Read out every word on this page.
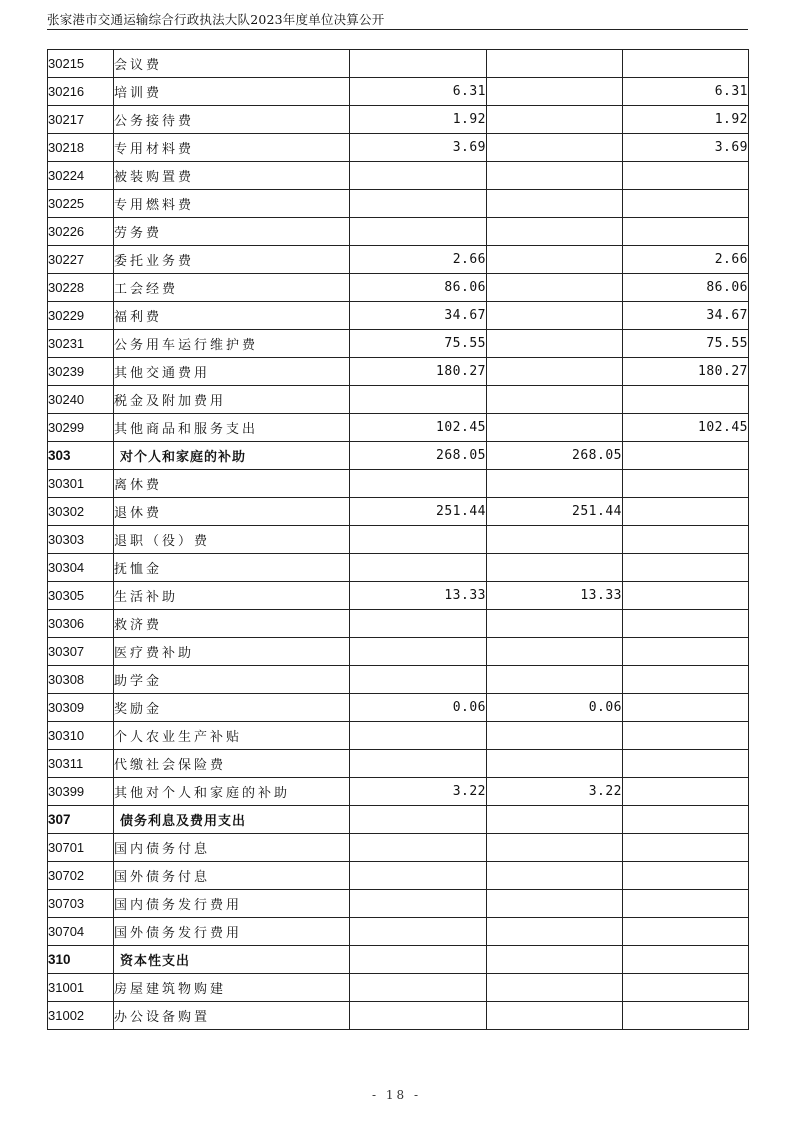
张家港市交通运输综合行政执法大队2023年度单位决算公开
30215	会议费			
30216	培训费	6.31		6.31
30217	公务接待费	1.92		1.92
30218	专用材料费	3.69		3.69
30224	被装购置费			
30225	专用燃料费			
30226	劳务费			
30227	委托业务费	2.66		2.66
30228	工会经费	86.06		86.06
30229	福利费	34.67		34.67
30231	公务用车运行维护费	75.55		75.55
30239	其他交通费用	180.27		180.27
30240	税金及附加费用			
30299	其他商品和服务支出	102.45		102.45
303	对个人和家庭的补助	268.05	268.05	
30301	离休费			
30302	退休费	251.44	251.44	
30303	退职（役）费			
30304	抚恤金			
30305	生活补助	13.33	13.33	
30306	救济费			
30307	医疗费补助			
30308	助学金			
30309	奖励金	0.06	0.06	
30310	个人农业生产补贴			
30311	代缴社会保险费			
30399	其他对个人和家庭的补助	3.22	3.22	
307	债务利息及费用支出			
30701	国内债务付息			
30702	国外债务付息			
30703	国内债务发行费用			
30704	国外债务发行费用			
310	资本性支出			
31001	房屋建筑物购建			
31002	办公设备购置			
- 18 -
